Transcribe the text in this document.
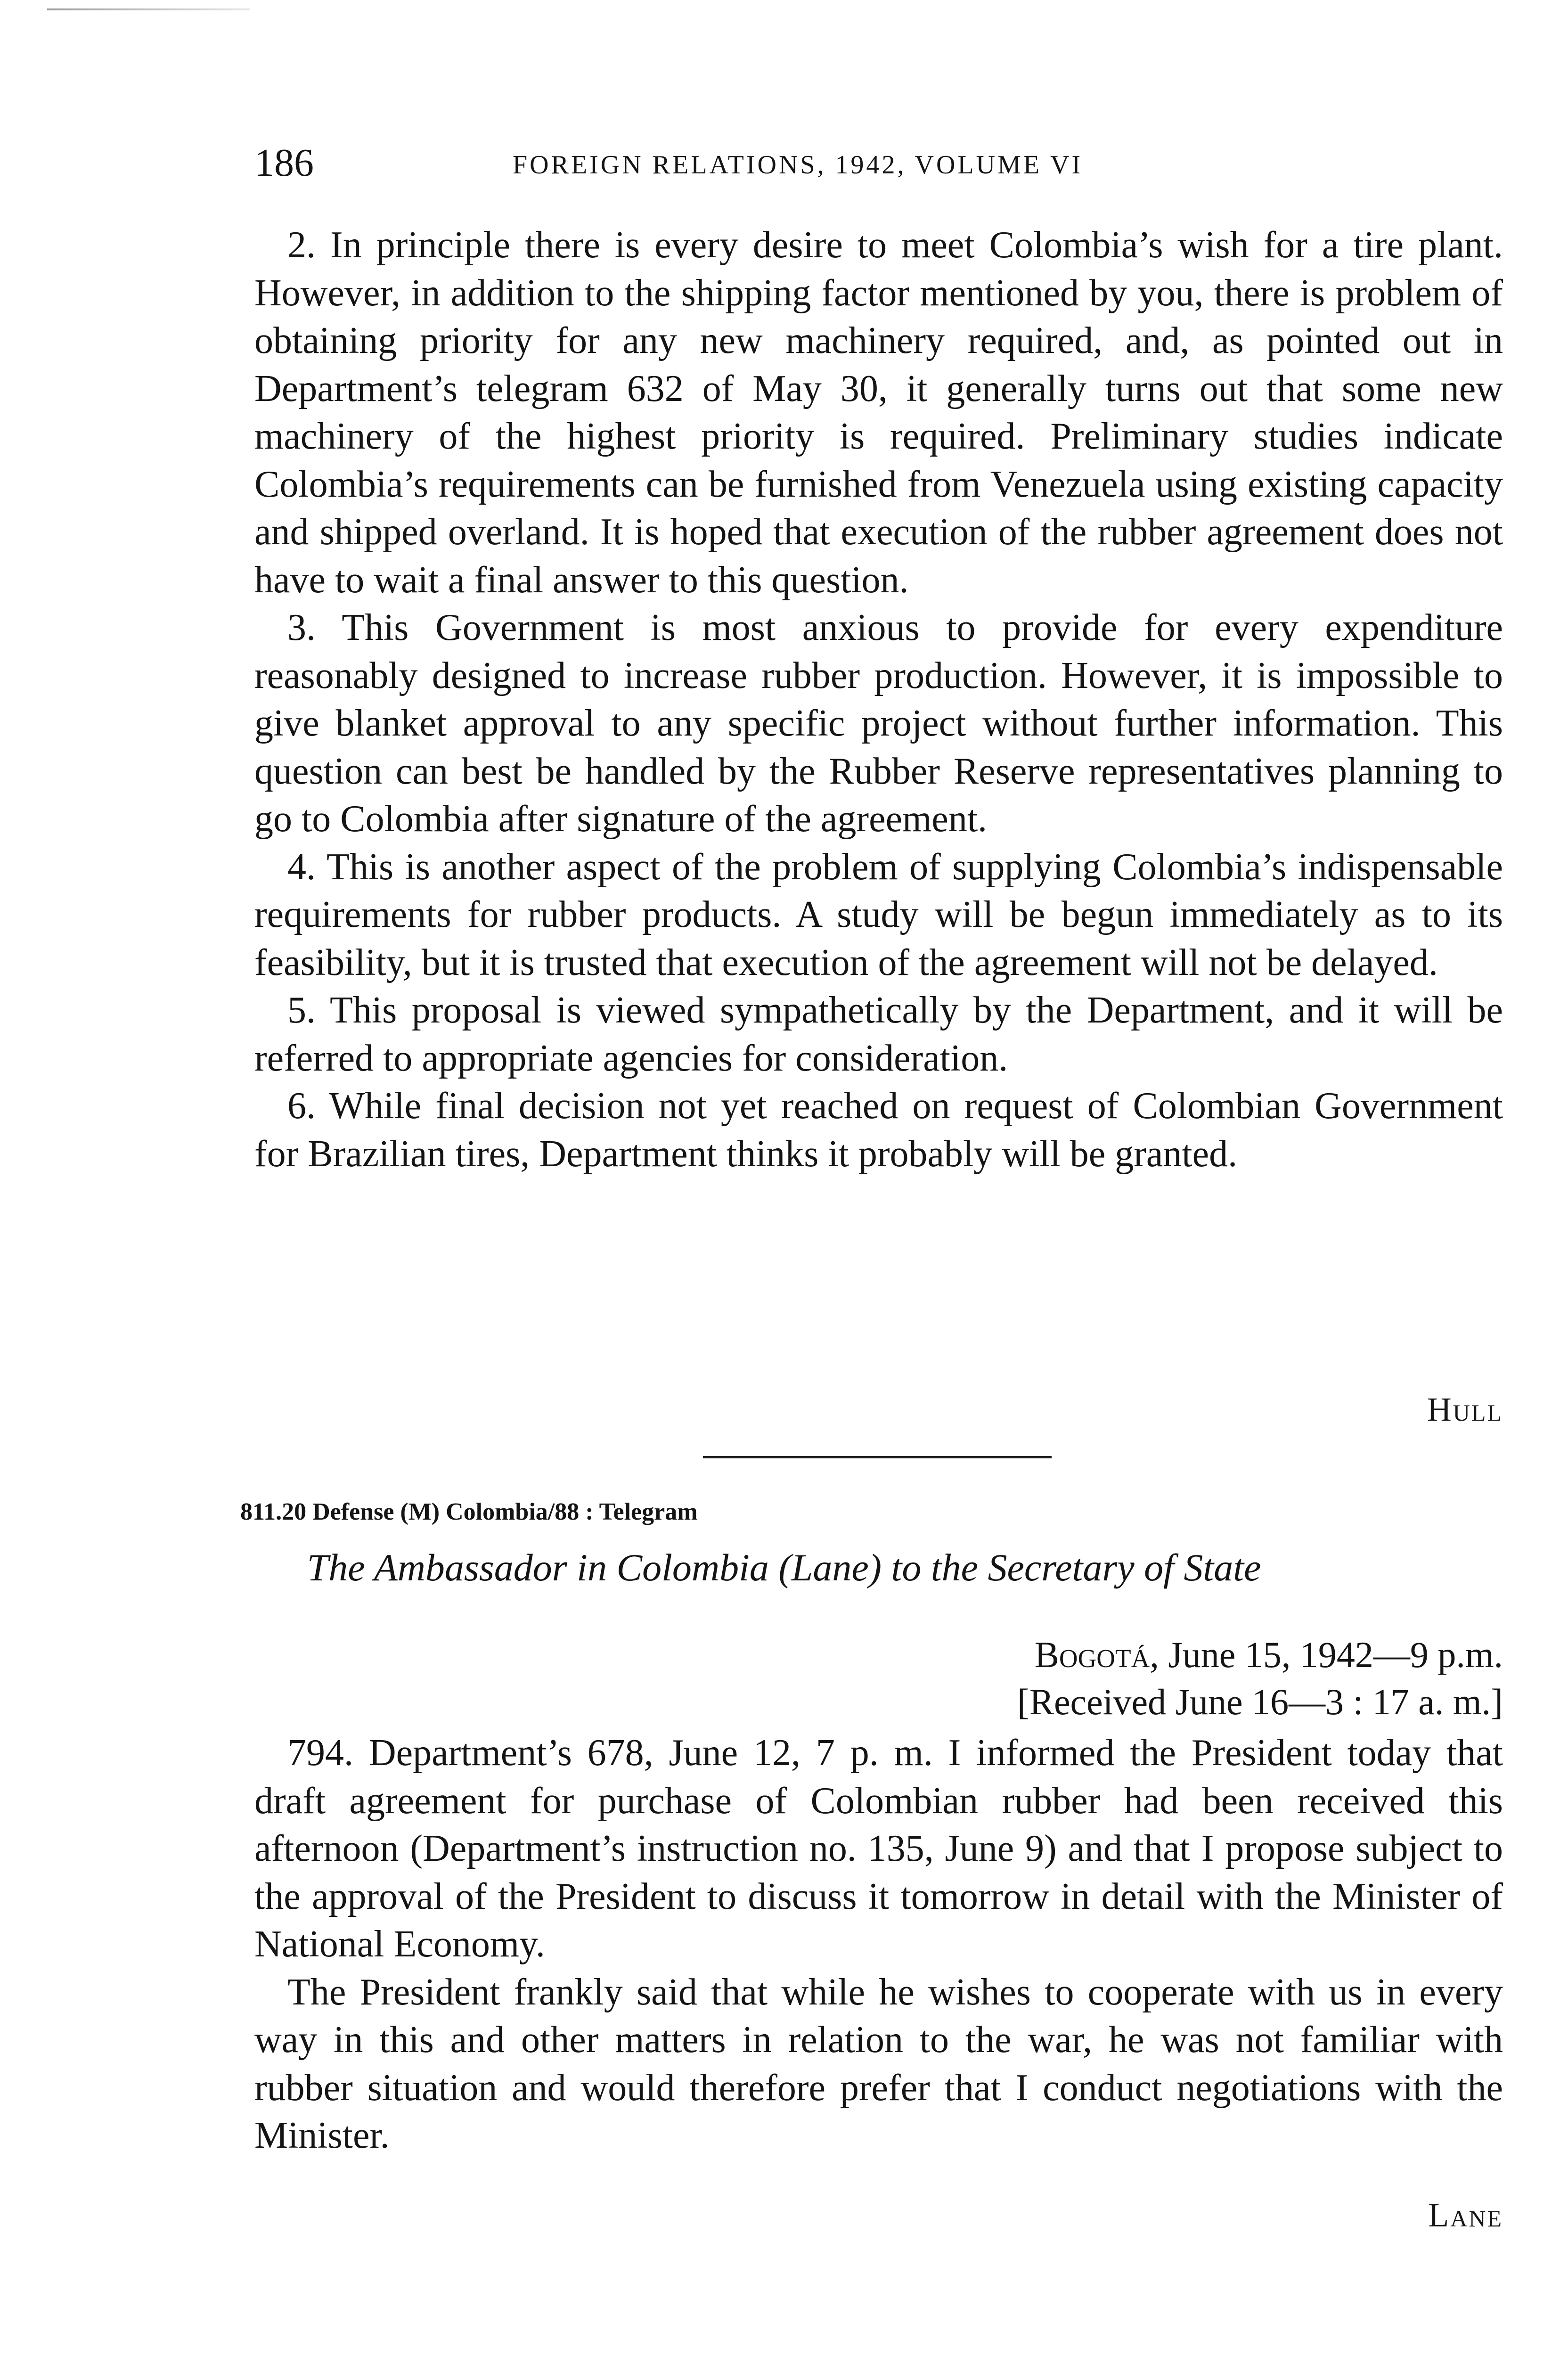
186	FOREIGN RELATIONS, 1942, VOLUME VI

2. In principle there is every desire to meet Colombia’s wish for a tire plant. However, in addition to the shipping factor mentioned by you, there is problem of obtaining priority for any new machinery required, and, as pointed out in Department’s telegram 632 of May 30, it generally turns out that some new machinery of the highest priority is required. Preliminary studies indicate Colombia’s requirements can be furnished from Venezuela using existing capacity and shipped overland. It is hoped that execution of the rubber agreement does not have to wait a final answer to this question.

3. This Government is most anxious to provide for every expenditure reasonably designed to increase rubber production. However, it is impossible to give blanket approval to any specific project without further information. This question can best be handled by the Rubber Reserve representatives planning to go to Colombia after signature of the agreement.

4. This is another aspect of the problem of supplying Colombia’s indispensable requirements for rubber products. A study will be begun immediately as to its feasibility, but it is trusted that execution of the agreement will not be delayed.

5. This proposal is viewed sympathetically by the Department, and it will be referred to appropriate agencies for consideration.

6. While final decision not yet reached on request of Colombian Government for Brazilian tires, Department thinks it probably will be granted.

Hull
811.20 Defense (M) Colombia/88 : Telegram
The Ambassador in Colombia (Lane) to the Secretary of State
Bogotá, June 15, 1942—9 p.m.
[Received June 16—3 : 17 a. m.]

794. Department’s 678, June 12, 7 p. m. I informed the President today that draft agreement for purchase of Colombian rubber had been received this afternoon (Department’s instruction no. 135, June 9) and that I propose subject to the approval of the President to discuss it tomorrow in detail with the Minister of National Economy.

The President frankly said that while he wishes to cooperate with us in every way in this and other matters in relation to the war, he was not familiar with rubber situation and would therefore prefer that I conduct negotiations with the Minister.

Lane
